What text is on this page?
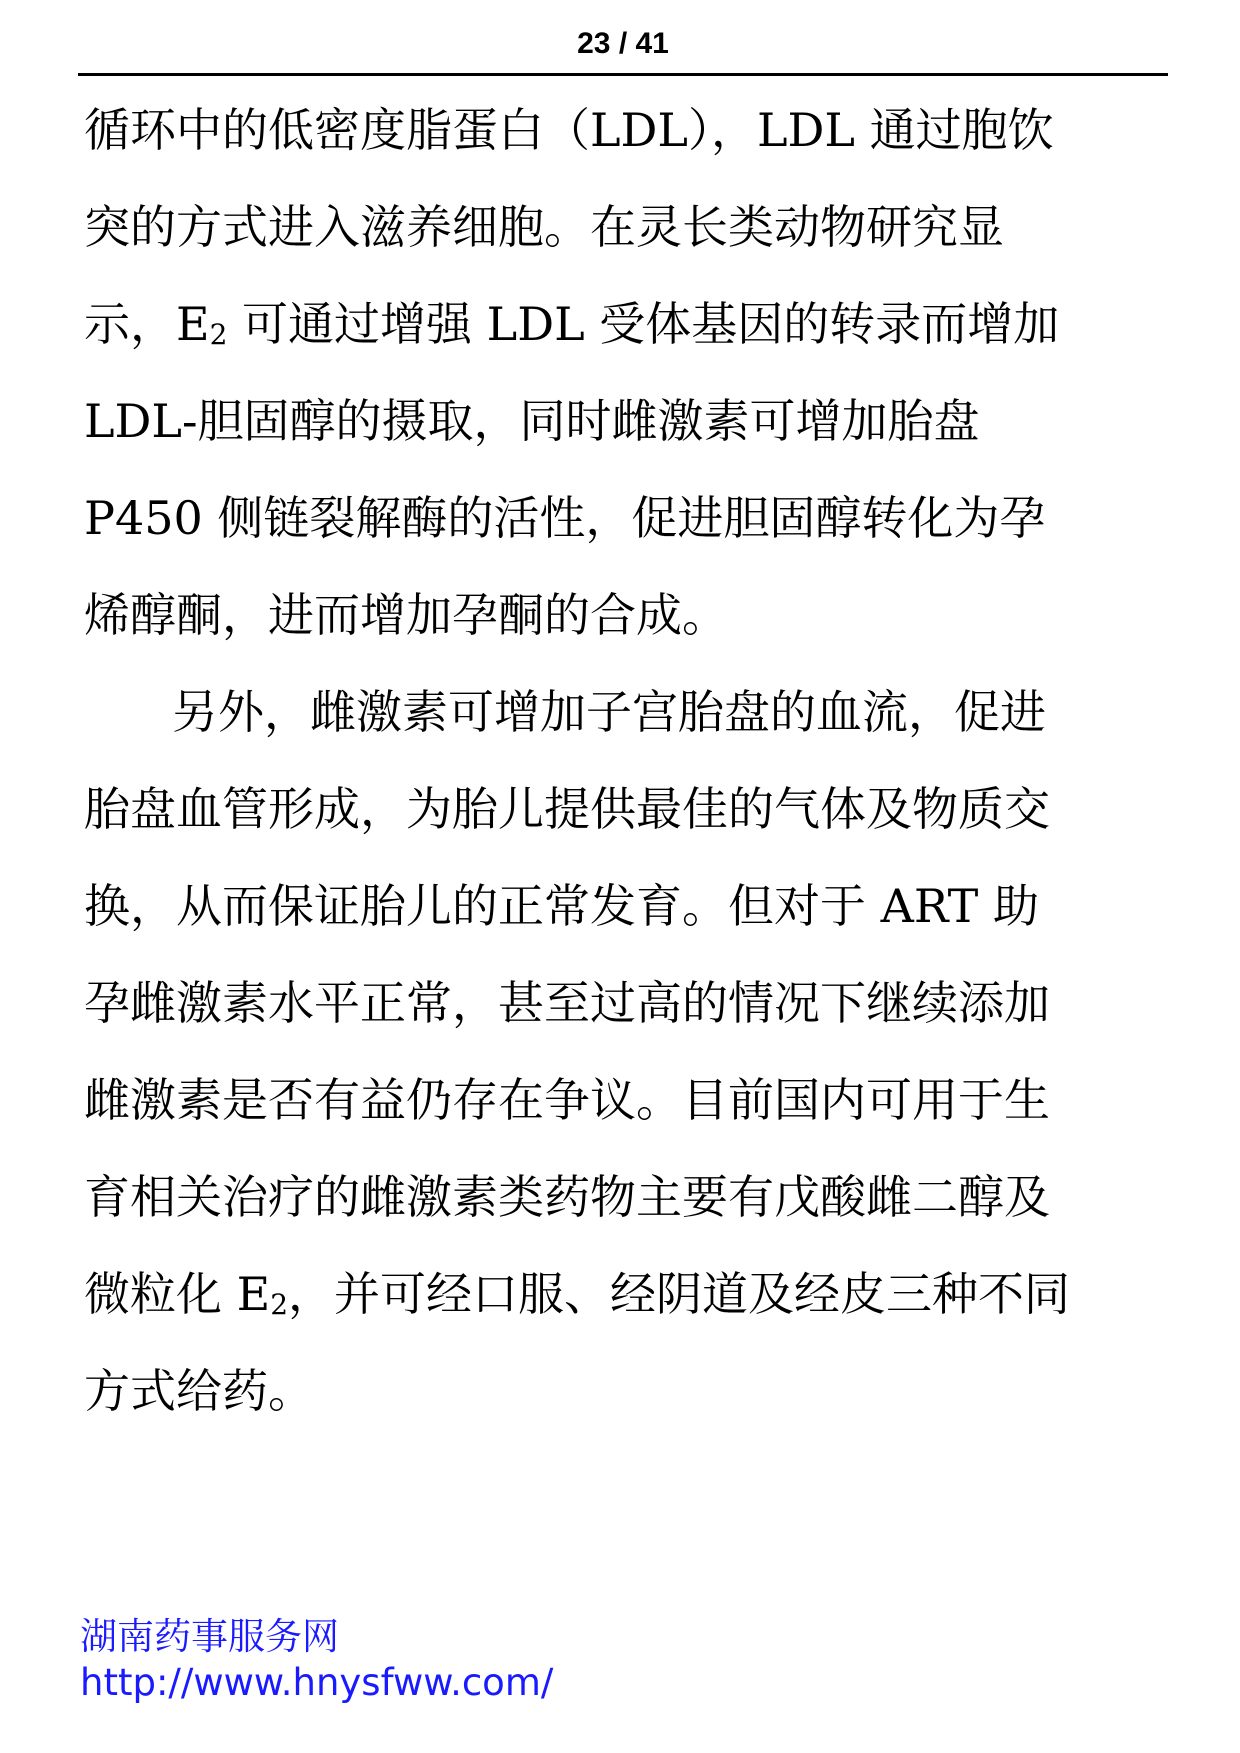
23 / 41
循环中的低密度脂蛋白（LDL），LDL 通过胞饮
突的方式进入滋养细胞。在灵长类动物研究显
示，E2 可通过增强 LDL 受体基因的转录而增加
LDL-胆固醇的摄取，同时雌激素可增加胎盘
P450 侧链裂解酶的活性，促进胆固醇转化为孕
烯醇酮，进而增加孕酮的合成。
另外，雌激素可增加子宫胎盘的血流，促进
胎盘血管形成，为胎儿提供最佳的气体及物质交
换，从而保证胎儿的正常发育。但对于 ART 助
孕雌激素水平正常，甚至过高的情况下继续添加
雌激素是否有益仍存在争议。目前国内可用于生
育相关治疗的雌激素类药物主要有戊酸雌二醇及
微粒化 E2，并可经口服、经阴道及经皮三种不同
方式给药。
湖南药事服务网
http://www.hnysfww.com/
